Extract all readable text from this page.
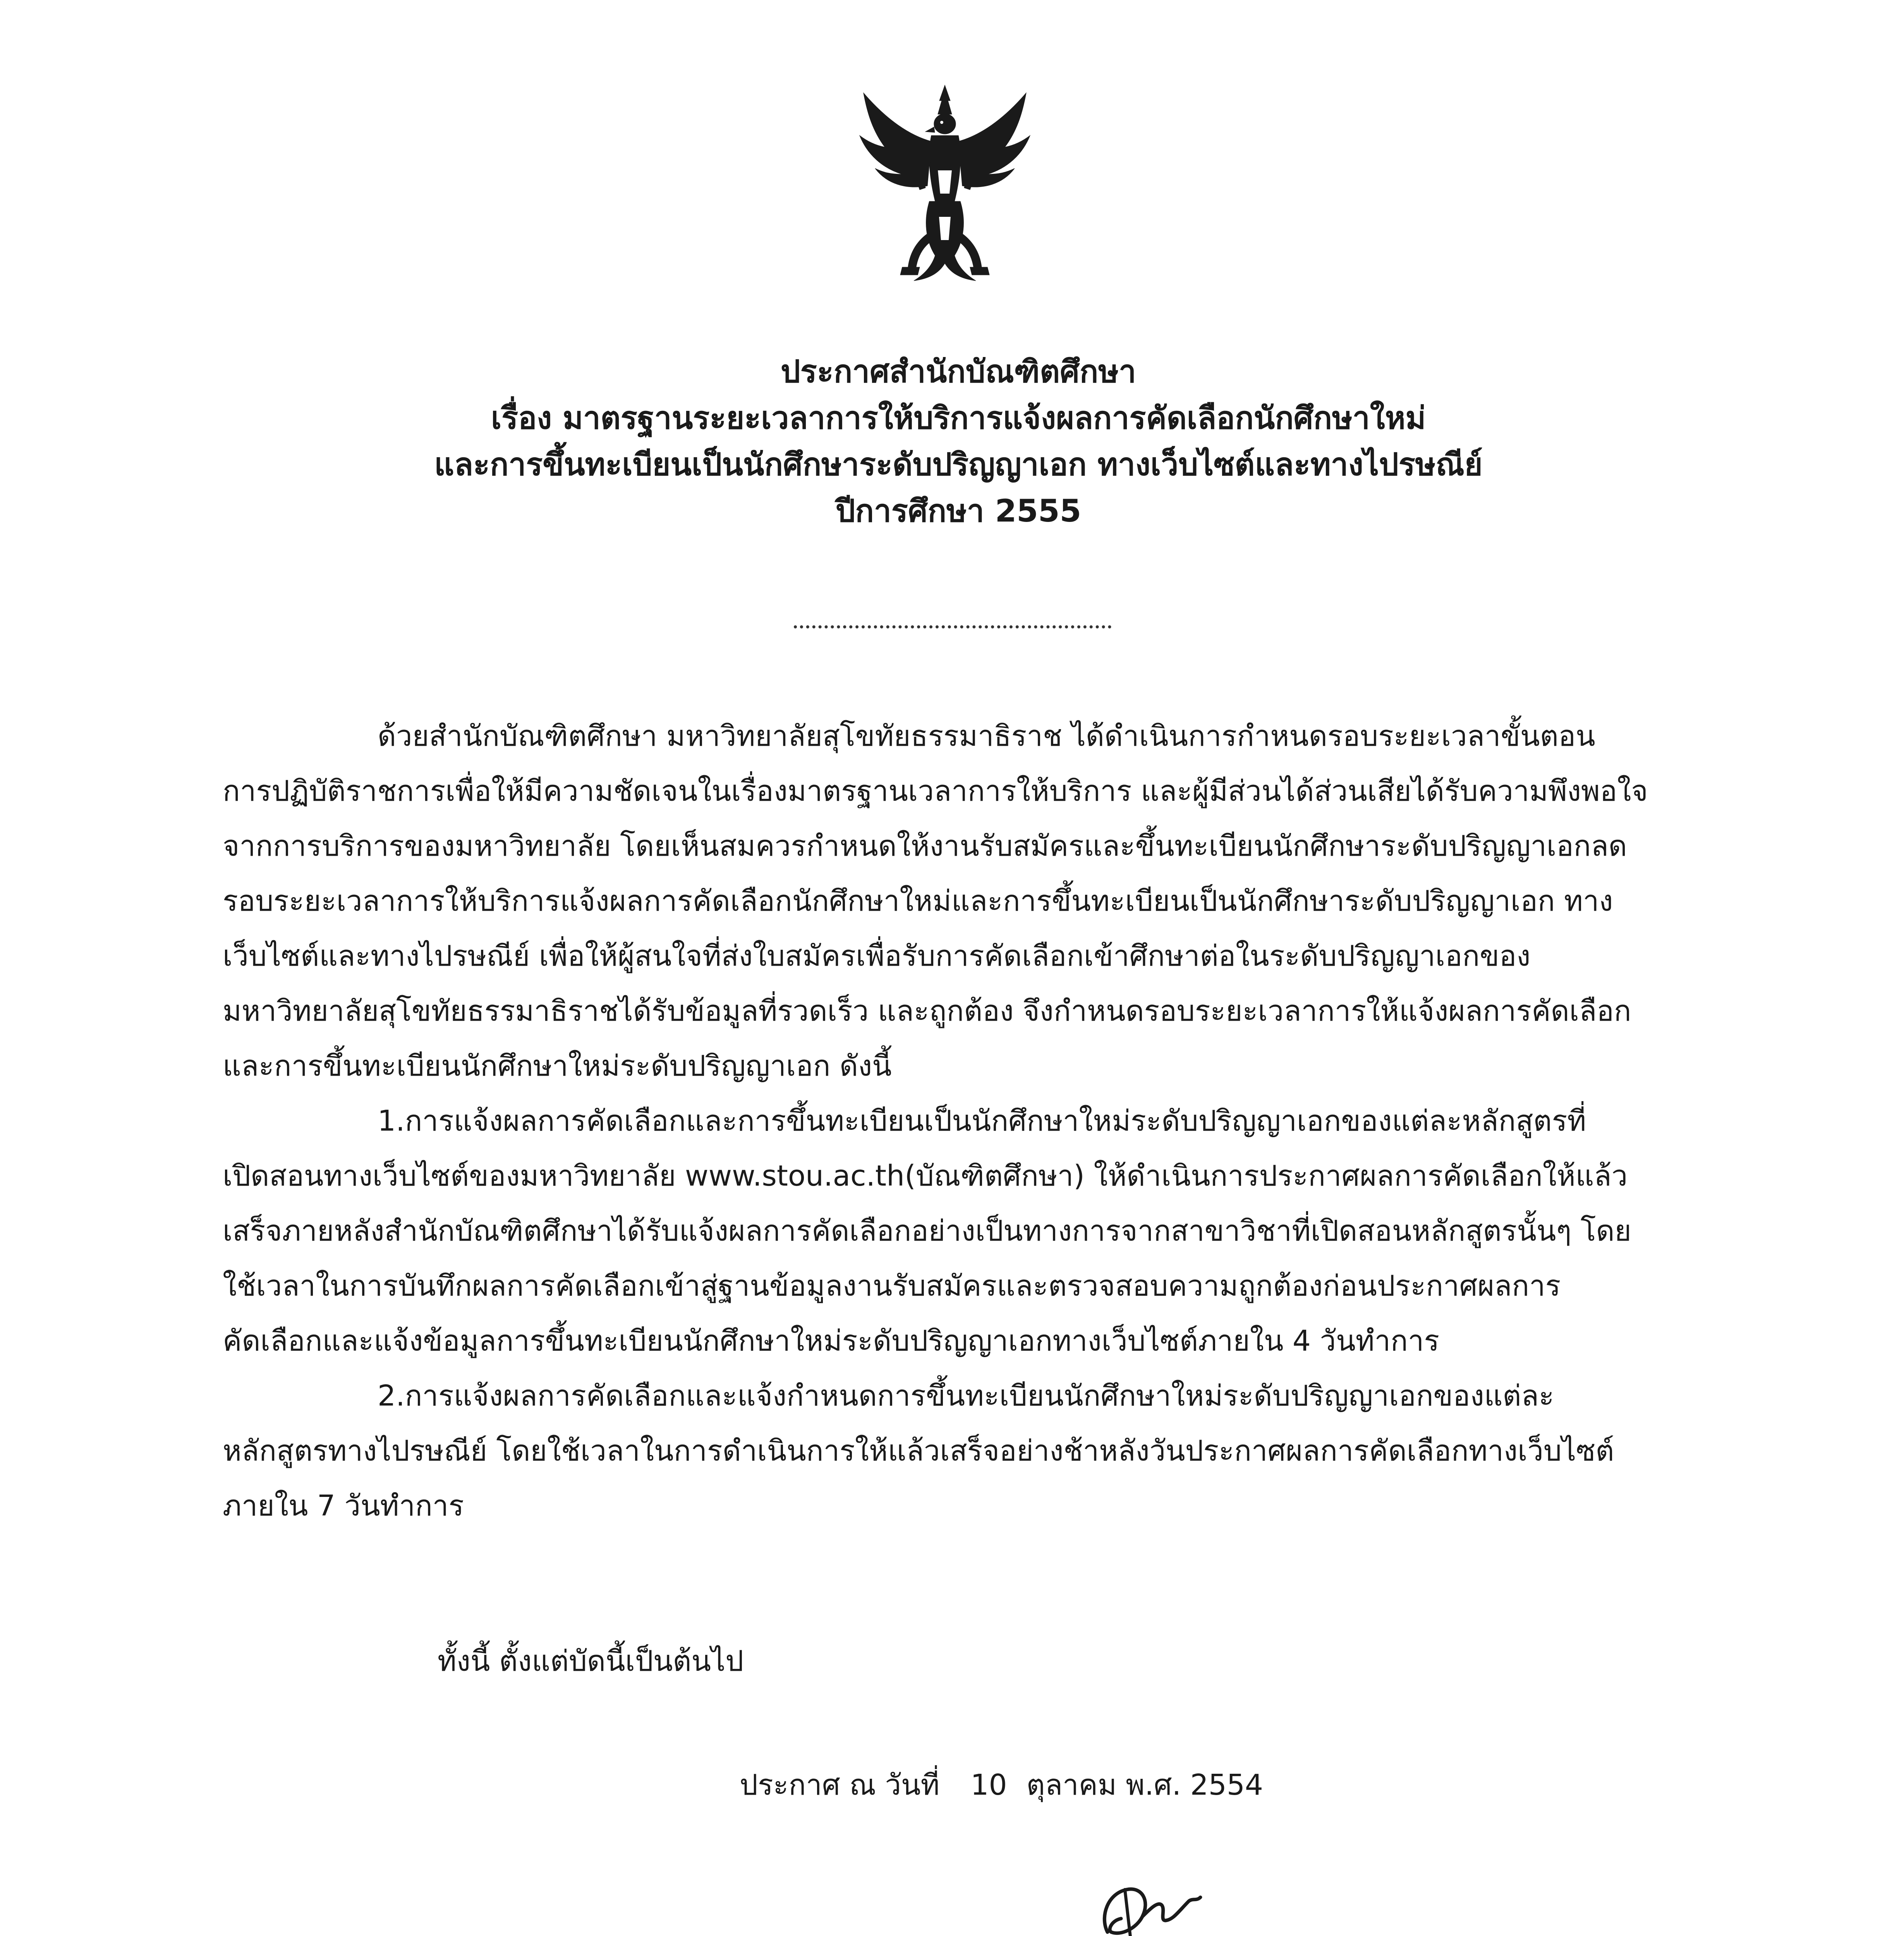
ประกาศสำนักบัณฑิตศึกษา
เรื่อง มาตรฐานระยะเวลาการให้บริการแจ้งผลการคัดเลือกนักศึกษาใหม่
และการขึ้นทะเบียนเป็นนักศึกษาระดับปริญญาเอก ทางเว็บไซต์และทางไปรษณีย์
ปีการศึกษา 2555

ด้วยสำนักบัณฑิตศึกษา มหาวิทยาลัยสุโขทัยธรรมาธิราช ได้ดำเนินการกำหนดรอบระยะเวลาขั้นตอน
การปฏิบัติราชการเพื่อให้มีความชัดเจนในเรื่องมาตรฐานเวลาการให้บริการ และผู้มีส่วนได้ส่วนเสียได้รับความพึงพอใจ
จากการบริการของมหาวิทยาลัย โดยเห็นสมควรกำหนดให้งานรับสมัครและขึ้นทะเบียนนักศึกษาระดับปริญญาเอกลด
รอบระยะเวลาการให้บริการแจ้งผลการคัดเลือกนักศึกษาใหม่และการขึ้นทะเบียนเป็นนักศึกษาระดับปริญญาเอก ทาง
เว็บไซต์และทางไปรษณีย์ เพื่อให้ผู้สนใจที่ส่งใบสมัครเพื่อรับการคัดเลือกเข้าศึกษาต่อในระดับปริญญาเอกของ
มหาวิทยาลัยสุโขทัยธรรมาธิราชได้รับข้อมูลที่รวดเร็ว และถูกต้อง จึงกำหนดรอบระยะเวลาการให้แจ้งผลการคัดเลือก
และการขึ้นทะเบียนนักศึกษาใหม่ระดับปริญญาเอก ดังนี้

1.การแจ้งผลการคัดเลือกและการขึ้นทะเบียนเป็นนักศึกษาใหม่ระดับปริญญาเอกของแต่ละหลักสูตรที่
เปิดสอนทางเว็บไซต์ของมหาวิทยาลัย www.stou.ac.th(บัณฑิตศึกษา) ให้ดำเนินการประกาศผลการคัดเลือกให้แล้ว
เสร็จภายหลังสำนักบัณฑิตศึกษาได้รับแจ้งผลการคัดเลือกอย่างเป็นทางการจากสาขาวิชาที่เปิดสอนหลักสูตรนั้นๆ โดย
ใช้เวลาในการบันทึกผลการคัดเลือกเข้าสู่ฐานข้อมูลงานรับสมัครและตรวจสอบความถูกต้องก่อนประกาศผลการ
คัดเลือกและแจ้งข้อมูลการขึ้นทะเบียนนักศึกษาใหม่ระดับปริญญาเอกทางเว็บไซต์ภายใน 4 วันทำการ

2.การแจ้งผลการคัดเลือกและแจ้งกำหนดการขึ้นทะเบียนนักศึกษาใหม่ระดับปริญญาเอกของแต่ละ
หลักสูตรทางไปรษณีย์ โดยใช้เวลาในการดำเนินการให้แล้วเสร็จอย่างช้าหลังวันประกาศผลการคัดเลือกทางเว็บไซต์
ภายใน 7 วันทำการ

ทั้งนี้ ตั้งแต่บัดนี้เป็นต้นไป
ประกาศ ณ วันที่ 10 ตุลาคม พ.ศ. 2554
